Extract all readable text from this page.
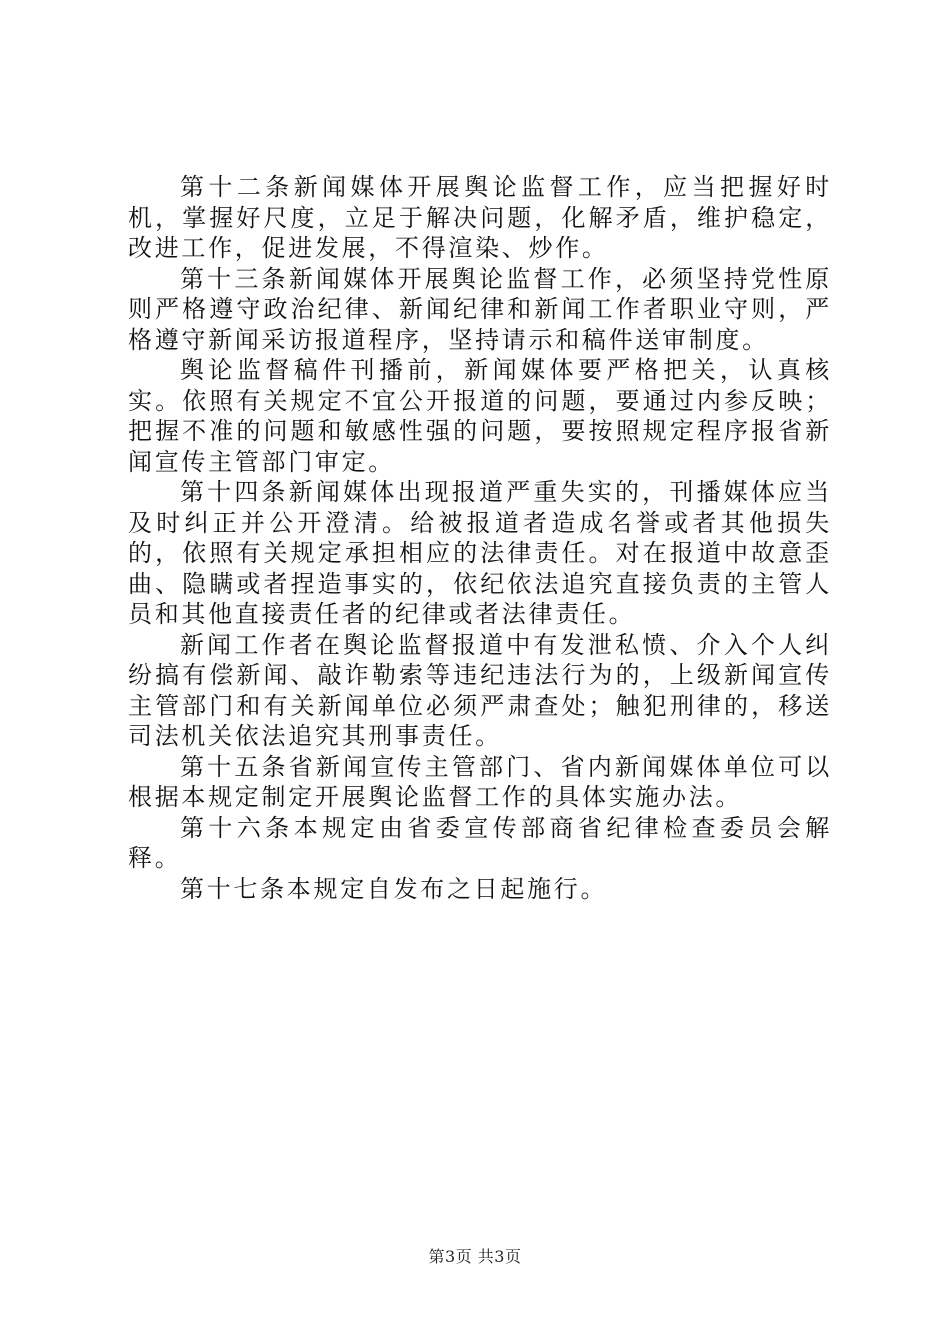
第十二条新闻媒体开展舆论监督工作，应当把握好时机，掌握好尺度，立足于解决问题，化解矛盾，维护稳定，改进工作，促进发展，不得渲染、炒作。

第十三条新闻媒体开展舆论监督工作，必须坚持党性原则严格遵守政治纪律、新闻纪律和新闻工作者职业守则，严格遵守新闻采访报道程序，坚持请示和稿件送审制度。

舆论监督稿件刊播前，新闻媒体要严格把关，认真核实。依照有关规定不宜公开报道的问题，要通过内参反映；把握不准的问题和敏感性强的问题，要按照规定程序报省新闻宣传主管部门审定。

第十四条新闻媒体出现报道严重失实的，刊播媒体应当及时纠正并公开澄清。给被报道者造成名誉或者其他损失的，依照有关规定承担相应的法律责任。对在报道中故意歪曲、隐瞒或者捏造事实的，依纪依法追究直接负责的主管人员和其他直接责任者的纪律或者法律责任。

新闻工作者在舆论监督报道中有发泄私愤、介入个人纠纷搞有偿新闻、敲诈勒索等违纪违法行为的，上级新闻宣传主管部门和有关新闻单位必须严肃查处；触犯刑律的，移送司法机关依法追究其刑事责任。

第十五条省新闻宣传主管部门、省内新闻媒体单位可以根据本规定制定开展舆论监督工作的具体实施办法。

第十六条本规定由省委宣传部商省纪律检查委员会解释。

第十七条本规定自发布之日起施行。

第3页 共3页
